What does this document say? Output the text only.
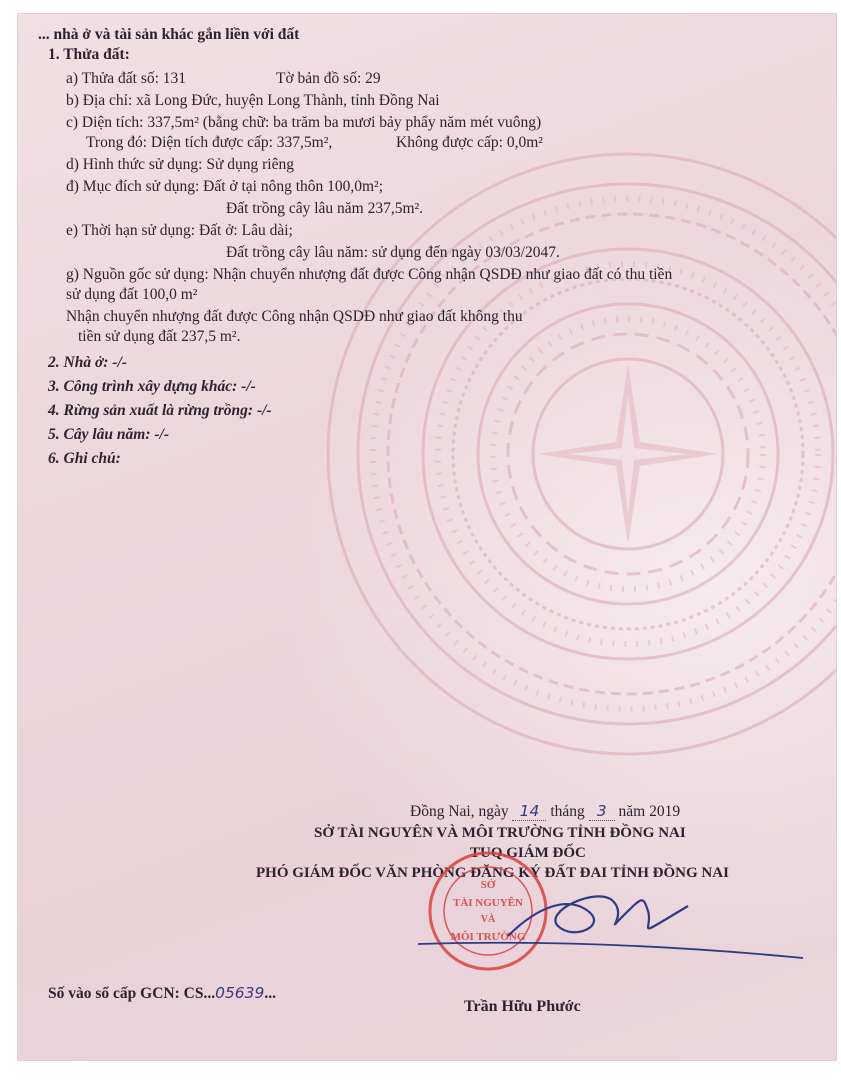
... nhà ở và tài sản khác gắn liền với đất
1. Thửa đất:
a) Thửa đất số: 131	Tờ bản đồ số: 29
b) Địa chỉ: xã Long Đức, huyện Long Thành, tỉnh Đồng Nai
c) Diện tích: 337,5m² (bằng chữ: ba trăm ba mươi bảy phẩy năm mét vuông)
Trong đó: Diện tích được cấp: 337,5m²,	Không được cấp: 0,0m²
d) Hình thức sử dụng: Sử dụng riêng
đ) Mục đích sử dụng: Đất ở tại nông thôn 100,0m²;
Đất trồng cây lâu năm 237,5m².
e) Thời hạn sử dụng: Đất ở: Lâu dài;
Đất trồng cây lâu năm: sử dụng đến ngày 03/03/2047.
g) Nguồn gốc sử dụng: Nhận chuyển nhượng đất được Công nhận QSDĐ như giao đất có thu tiền
sử dụng đất 100,0 m²
Nhận chuyển nhượng đất được Công nhận QSDĐ như giao đất không thu
tiền sử dụng đất 237,5 m².
2. Nhà ở: -/-
3. Công trình xây dựng khác: -/-
4. Rừng sản xuất là rừng trồng: -/-
5. Cây lâu năm: -/-
6. Ghi chú:
Đồng Nai, ngày 14 tháng 3 năm 2019
SỞ TÀI NGUYÊN VÀ MÔI TRƯỜNG TỈNH ĐỒNG NAI
TUQ.GIÁM ĐỐC
PHÓ GIÁM ĐỐC VĂN PHÒNG ĐĂNG KÝ ĐẤT ĐAI TỈNH ĐỒNG NAI
SỞ
TÀI NGUYÊN
VÀ
MÔI TRƯỜNG
Số vào sổ cấp GCN: CS...05639...
Trần Hữu Phước
